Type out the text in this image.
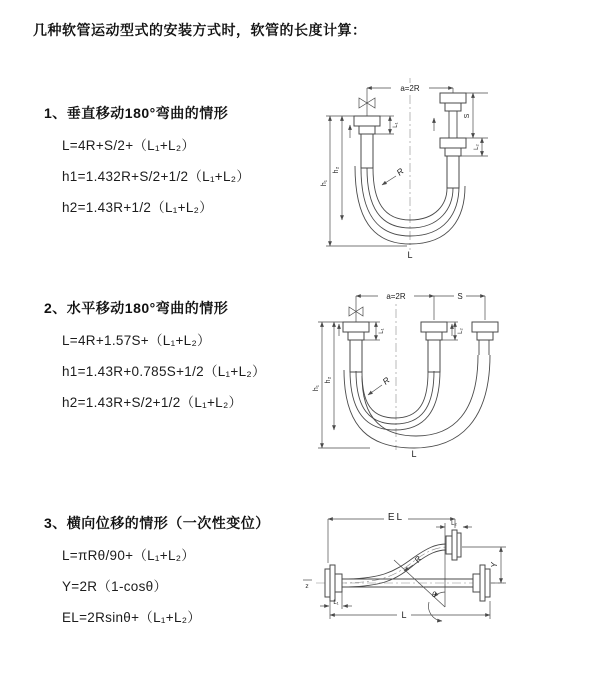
几种软管运动型式的安装方式时，软管的长度计算：
1、垂直移动180°弯曲的情形
L=4R+S/2+（L₁+L₂）
h1=1.432R+S/2+1/2（L₁+L₂）
h2=1.43R+1/2（L₁+L₂）
a=2R
h₁
h₂
L₁
S
L₂
R
L
2、水平移动180°弯曲的情形
L=4R+1.57S+（L₁+L₂）
h1=1.43R+0.785S+1/2（L₁+L₂）
h2=1.43R+S/2+1/2（L₁+L₂）
a=2R	S
h₁
h₂
L₁	L₂
R
L
3、横向位移的情形（一次性变位）
L=πRθ/90+（L₁+L₂）
Y=2R（1-cosθ）
EL=2Rsinθ+（L₁+L₂）
EL
L₂
z
Y
θ
R
L₁
L
